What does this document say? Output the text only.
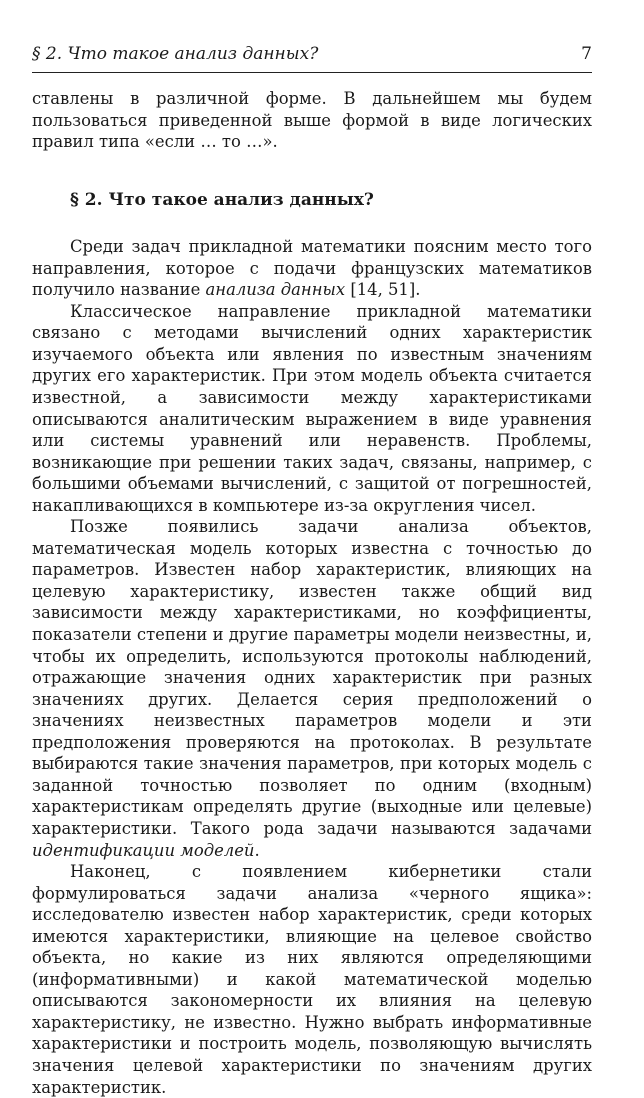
§ 2. Что такое анализ данных?	7

ставлены в различной форме. В дальнейшем мы будем пользоваться приведенной выше формой в виде логических правил типа «если … то …».

§ 2. Что такое анализ данных?

Среди задач прикладной математики поясним место того направления, которое с подачи французских математиков получило название анализа данных [14, 51].

Классическое направление прикладной математики связано с методами вычислений одних характеристик изучаемого объекта или явления по известным значениям других его характеристик. При этом модель объекта считается известной, а зависимости между характеристиками описываются аналитическим выражением в виде уравнения или системы уравнений или неравенств. Проблемы, возникающие при решении таких задач, связаны, например, с большими объемами вычислений, с защитой от погрешностей, накапливающихся в компьютере из-за округления чисел.

Позже появились задачи анализа объектов, математическая модель которых известна с точностью до параметров. Известен набор характеристик, влияющих на целевую характеристику, известен также общий вид зависимости между характеристиками, но коэффициенты, показатели степени и другие параметры модели неизвестны, и, чтобы их определить, используются протоколы наблюдений, отражающие значения одних характеристик при разных значениях других. Делается серия предположений о значениях неизвестных параметров модели и эти предположения проверяются на протоколах. В результате выбираются такие значения параметров, при которых модель с заданной точностью позволяет по одним (входным) характеристикам определять другие (выходные или целевые) характеристики. Такого рода задачи называются задачами идентификации моделей.

Наконец, с появлением кибернетики стали формулироваться задачи анализа «черного ящика»: исследователю известен набор характеристик, среди которых имеются характеристики, влияющие на целевое свойство объекта, но какие из них являются определяющими (информативными) и какой математической моделью описываются закономерности их влияния на целевую характеристику, не известно. Нужно выбрать информативные характеристики и построить модель, позволяющую вычислять значения целевой характеристики по значениям других характеристик.
